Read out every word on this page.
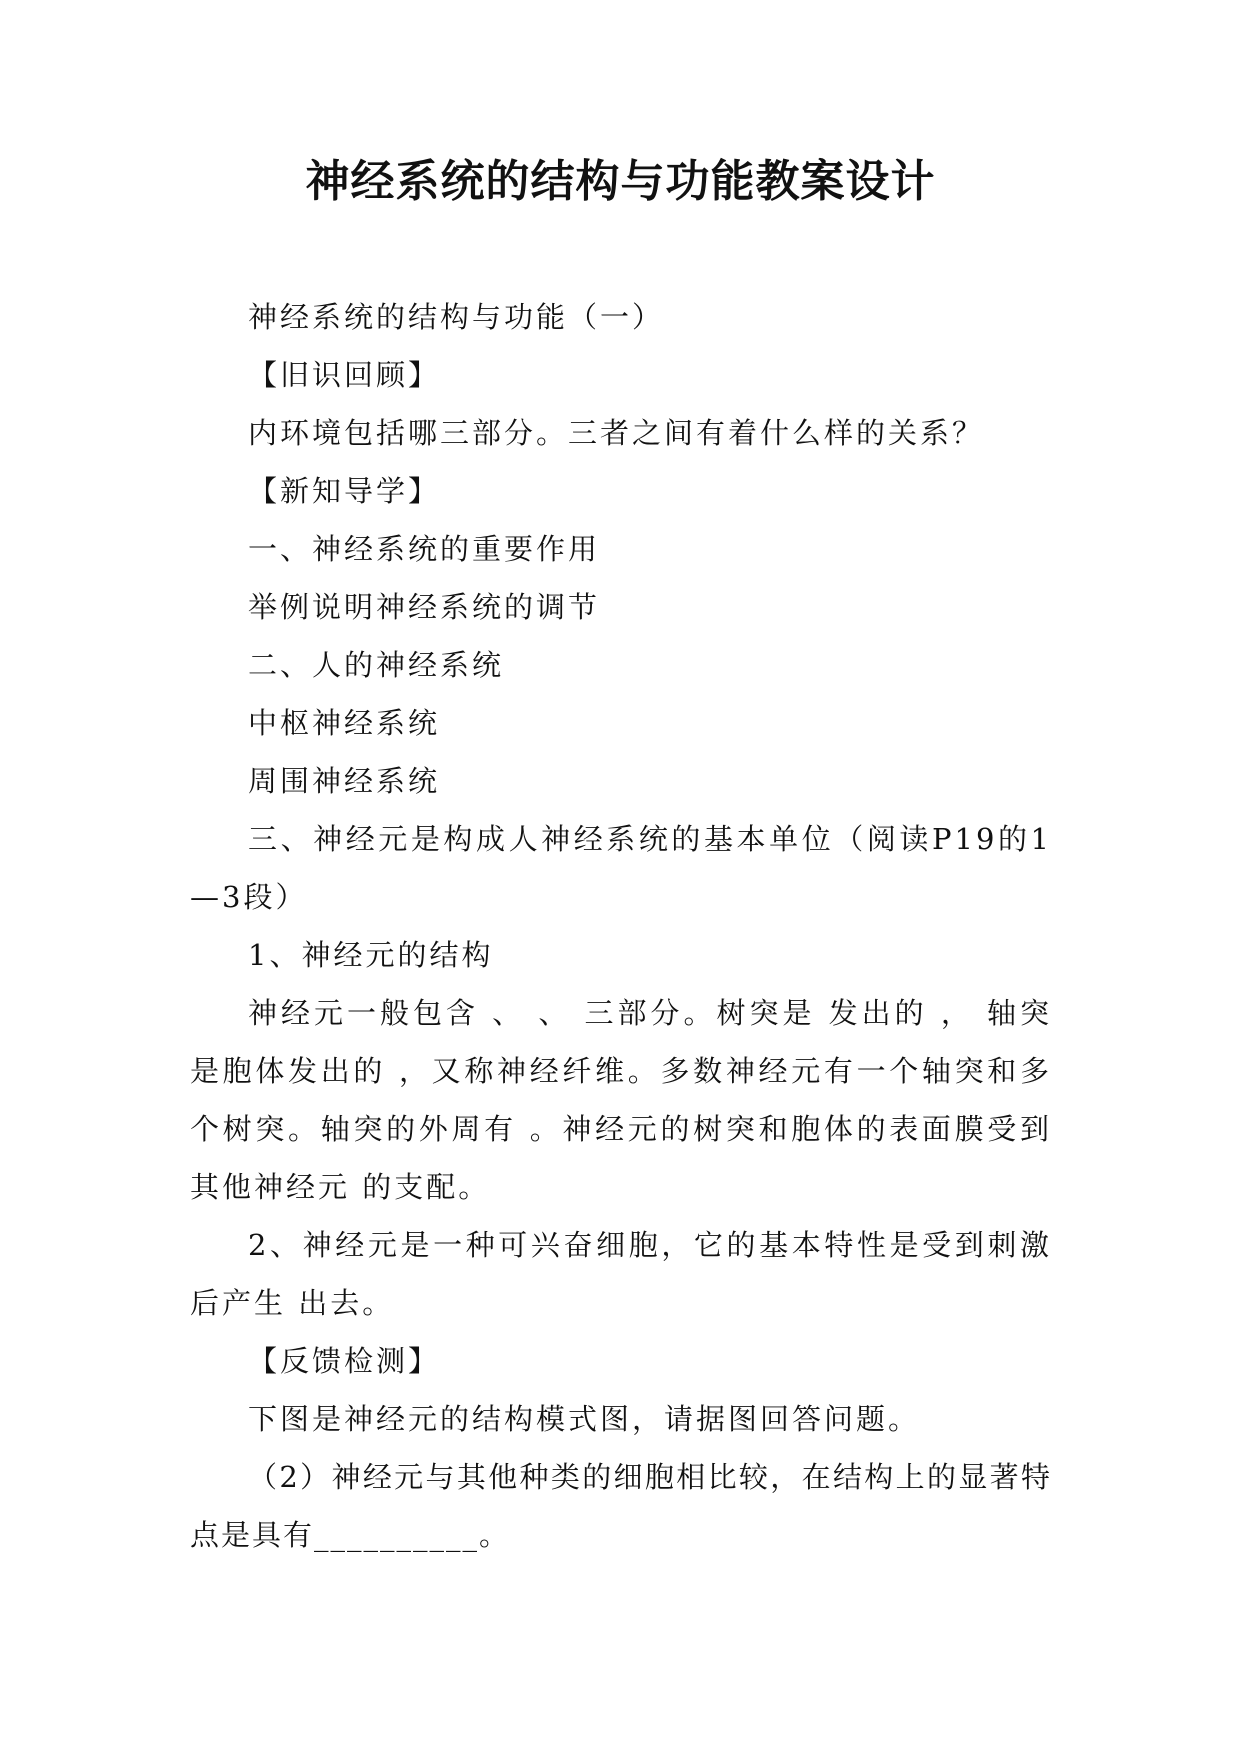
神经系统的结构与功能教案设计

神经系统的结构与功能（一）

【旧识回顾】

内环境包括哪三部分。三者之间有着什么样的关系？

【新知导学】

一、神经系统的重要作用

举例说明神经系统的调节

二、人的神经系统

中枢神经系统

周围神经系统

三、神经元是构成人神经系统的基本单位（阅读P19的1—3段）

1、神经元的结构

神经元一般包含 、 、 三部分。树突是 发出的 ， 轴突是胞体发出的 ，又称神经纤维。多数神经元有一个轴突和多个树突。轴突的外周有 。神经元的树突和胞体的表面膜受到其他神经元 的支配。

2、神经元是一种可兴奋细胞，它的基本特性是受到刺激后产生 出去。

【反馈检测】

下图是神经元的结构模式图，请据图回答问题。

（2）神经元与其他种类的细胞相比较，在结构上的显著特点是具有__________。
